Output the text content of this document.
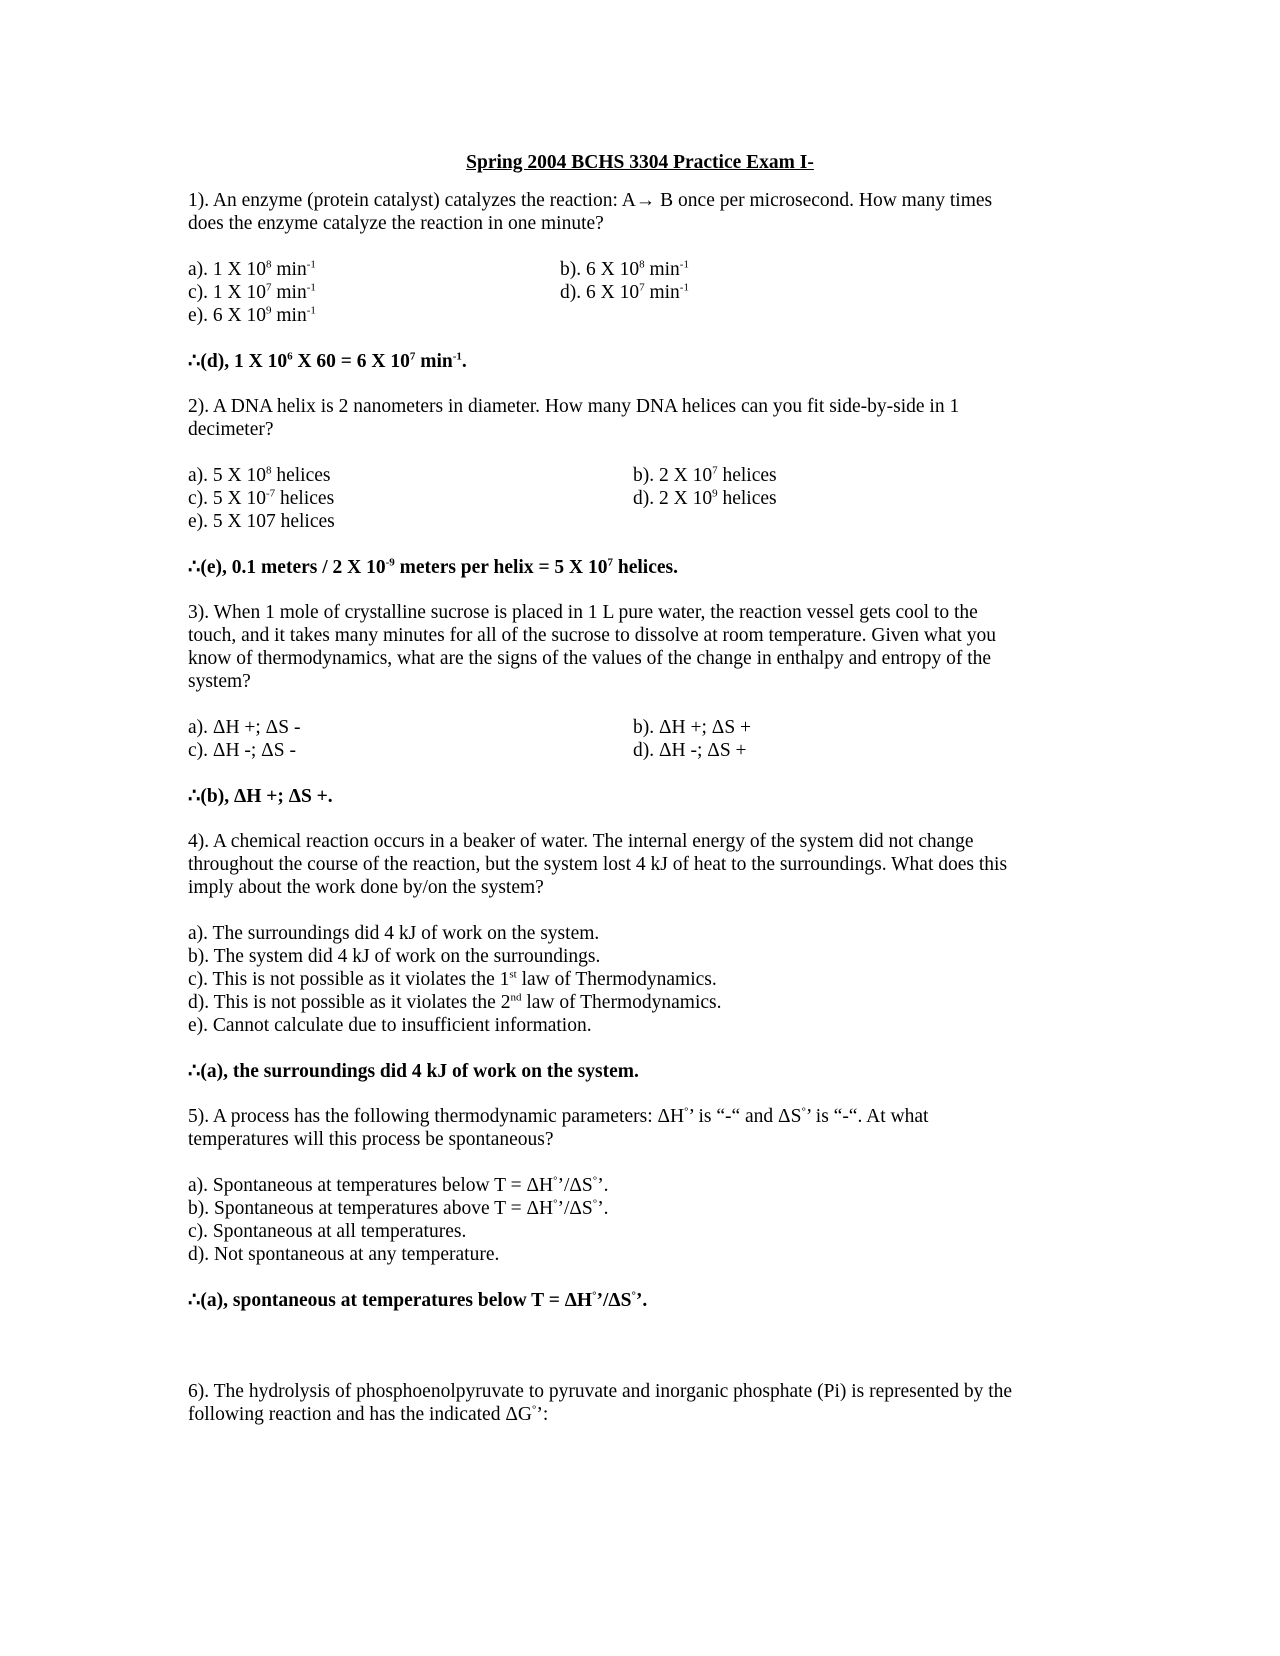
Spring 2004 BCHS 3304 Practice Exam I-
1). An enzyme (protein catalyst) catalyzes the reaction: A→ B once per microsecond. How many times
does the enzyme catalyze the reaction in one minute?
a). 1 X $10^8$ $\min^{-1}$	b). 6 X $10^8$ $\min^{-1}$
c). 1 X $10^7$ $\min^{-1}$	d). 6 X $10^7$ $\min^{-1}$
e). 6 X $10^9$ $\min^{-1}$
∴(d), 1 X $10^6$ X 60 = 6 X $10^7$ $\min^{-1}$.
2). A DNA helix is 2 nanometers in diameter. How many DNA helices can you fit side-by-side in 1
decimeter?
a). 5 X $10^8$ helices	b). 2 X $10^7$ helices
c). 5 X $10^{-7}$ helices	d). 2 X $10^9$ helices
e). 5 X 107 helices
∴(e), 0.1 meters / 2 X $10^{-9}$ meters per helix = 5 X $10^7$ helices.
3). When 1 mole of crystalline sucrose is placed in 1 L pure water, the reaction vessel gets cool to the
touch, and it takes many minutes for all of the sucrose to dissolve at room temperature. Given what you
know of thermodynamics, what are the signs of the values of the change in enthalpy and entropy of the
system?
a). ΔH +; ΔS -	b). ΔH +; ΔS +
c). ΔH -; ΔS -	d). ΔH -; ΔS +
∴(b), ΔH +; ΔS +.
4). A chemical reaction occurs in a beaker of water. The internal energy of the system did not change
throughout the course of the reaction, but the system lost 4 kJ of heat to the surroundings. What does this
imply about the work done by/on the system?
a). The surroundings did 4 kJ of work on the system.
b). The system did 4 kJ of work on the surroundings.
c). This is not possible as it violates the 1st law of Thermodynamics.
d). This is not possible as it violates the 2nd law of Thermodynamics.
e). Cannot calculate due to insufficient information.
∴(a), the surroundings did 4 kJ of work on the system.
5). A process has the following thermodynamic parameters: ΔH°’ is “-“ and ΔS°’ is “-“. At what
temperatures will this process be spontaneous?
a). Spontaneous at temperatures below T = ΔH°’/ΔS°’.
b). Spontaneous at temperatures above T = ΔH°’/ΔS°’.
c). Spontaneous at all temperatures.
d). Not spontaneous at any temperature.
∴(a), spontaneous at temperatures below T = ΔH°’/ΔS°’.
6). The hydrolysis of phosphoenolpyruvate to pyruvate and inorganic phosphate (Pi) is represented by the
following reaction and has the indicated ΔG°’:
